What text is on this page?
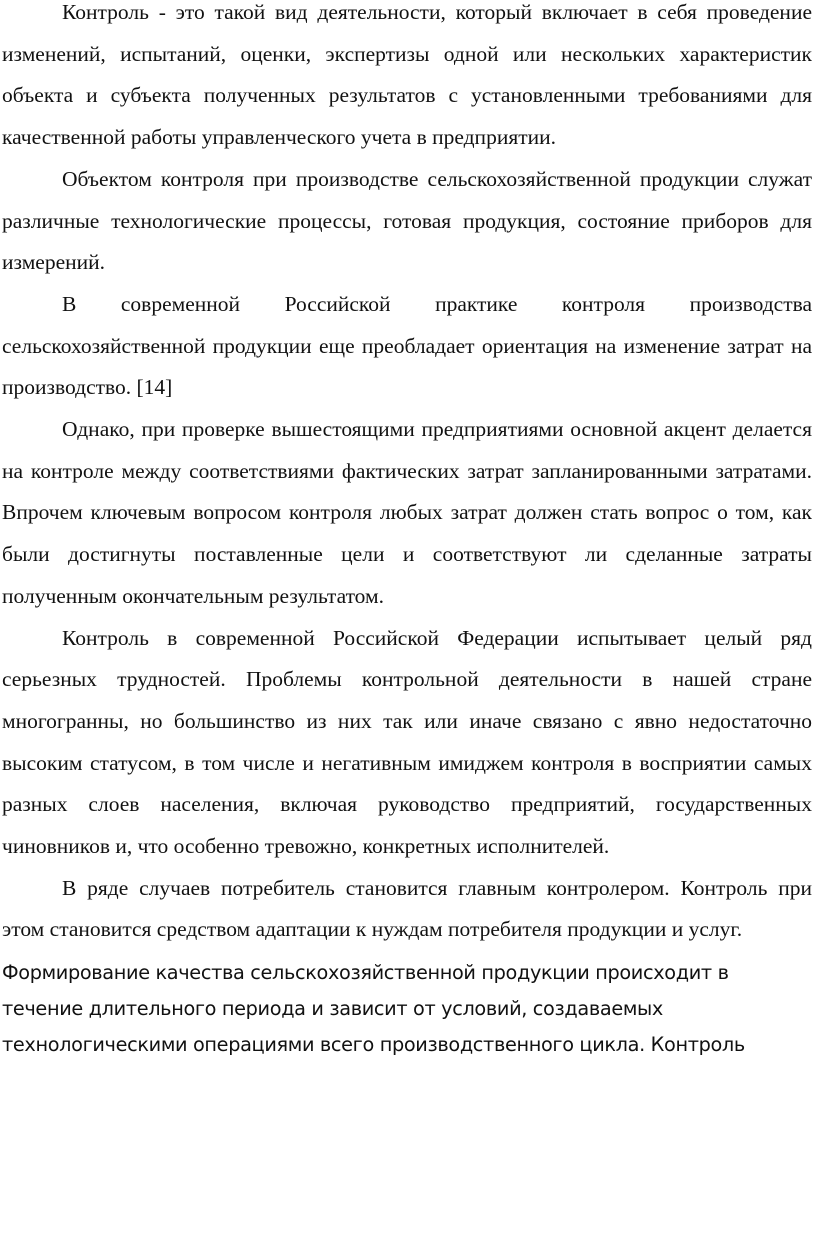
Контроль - это такой вид деятельности, который включает в себя проведение изменений, испытаний, оценки, экспертизы одной или нескольких характеристик объекта и субъекта полученных результатов с установленными требованиями для качественной работы управленческого учета в предприятии.

Объектом контроля при производстве сельскохозяйственной продукции служат различные технологические процессы, готовая продукция, состояние приборов для измерений.

В современной Российской практике контроля производства сельскохозяйственной продукции еще преобладает ориентация на изменение затрат на производство. [14]

Однако, при проверке вышестоящими предприятиями основной акцент делается на контроле между соответствиями фактических затрат запланированными затратами. Впрочем ключевым вопросом контроля любых затрат должен стать вопрос о том, как были достигнуты поставленные цели и соответствуют ли сделанные затраты полученным окончательным результатом.

Контроль в современной Российской Федерации испытывает целый ряд серьезных трудностей. Проблемы контрольной деятельности в нашей стране многогранны, но большинство из них так или иначе связано с явно недостаточно высоким статусом, в том числе и негативным имиджем контроля в восприятии самых разных слоев населения, включая руководство предприятий, государственных чиновников и, что особенно тревожно, конкретных исполнителей.

В ряде случаев потребитель становится главным контролером. Контроль при этом становится средством адаптации к нуждам потребителя продукции и услуг.

Формирование качества сельскохозяйственной продукции происходит в течение длительного периода и зависит от условий, создаваемых технологическими операциями всего производственного цикла. Контроль
